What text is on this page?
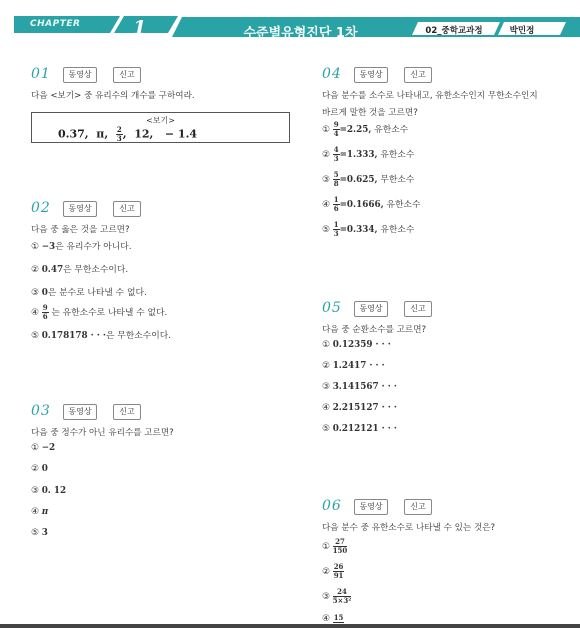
CHAPTER	1	수준별유형진단 1차	02_중학교과정	박민정
01	동영상	신고
다음 <보기> 중 유리수의 개수를 구하여라.
<보기>
0.37, π, $\frac{2}{3}$ , 12, − 1.4
02	동영상	신고
다음 중 옳은 것을 고르면?
① −3은 유리수가 아니다.
② 0.47은 무한소수이다.
③ 0은 분수로 나타낼 수 없다.
④ $\frac{9}{6}$ 는 유한소수로 나타낼 수 없다.
⑤ 0.178178 · · ·은 무한소수이다.
03	동영상	신고
다음 중 정수가 아닌 유리수를 고르면?
① −2
② 0
③ 0. 12
④ π
⑤ 3
04	동영상	신고
다음 분수를 소수로 나타내고, 유한소수인지 무한소수인지
바르게 말한 것을 고르면?
① $\frac{9}{4} =2.25$, 유한소수
② $\frac{4}{3} =1.333$, 유한소수
③ $\frac{5}{8} =0.625$, 무한소수
④ $\frac{1}{6} =0.1666$, 유한소수
⑤ $\frac{1}{3} =0.334$, 유한소수
05	동영상	신고
다음 중 순환소수를 고르면?
① 0.12359 · · ·
② 1.2417 · · ·
③ 3.141567 · · ·
④ 2.215127 · · ·
⑤ 0.212121 · · ·
06	동영상	신고
다음 분수 중 유한소수로 나타낼 수 있는 것은?
① $\frac{27}{150}$
② $\frac{26}{91}$
③ $\frac{24}{\text{5×3²}}$
④ 15
